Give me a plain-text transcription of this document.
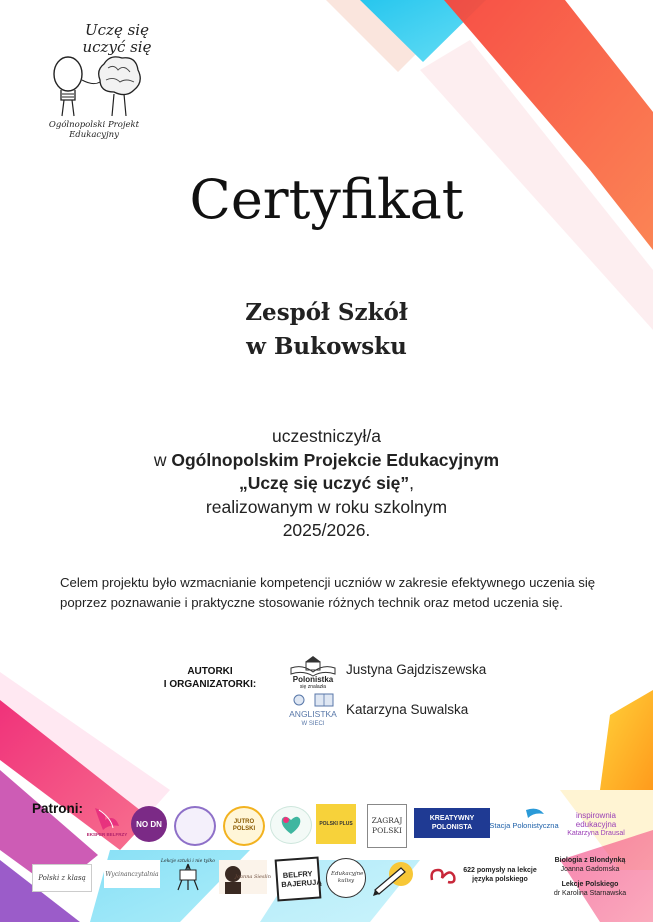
Uczę się uczyć się
Ogólnopolski Projekt Edukacyjny
Certyfikat
Zespół Szkół
w Bukowsku
uczestniczył/a
w Ogólnopolskim Projekcie Edukacyjnym
„Uczę się uczyć się”,
realizowanym w roku szkolnym
2025/2026.
Celem projektu było wzmacnianie kompetencji uczniów w zakresie efektywnego uczenia się poprzez poznawanie i praktyczne stosowanie różnych technik oraz metod uczenia się.
AUTORKI
I ORGANIZATORKI:	Polonistka
się znalazła
Justyna Gajdziszewska
ANGLISTKA
W SIECI
Katarzyna Suwalska
Patroni:
EKSPER BELFRZY
NO DN	JUTRO POLSKI
POLSKI PLUS	ZAGRAJ POLSKI
KREATYWNY POLONISTA	Stacja Polonistyczna
inspirownia
edukacyjna
Katarzyna Drausal
Polski z klasą	Wycinanczytalnia
Lekcje sztuki i nie tylko
Joanna Sieslin BELFRY BAJERUJĄ
Edukacyjne kulisy
622 pomysły na lekcje
języka polskiego
Biologia z Blondynką
Joanna Gadomska
Lekcje Polskiego
dr Karolina Starnawska
